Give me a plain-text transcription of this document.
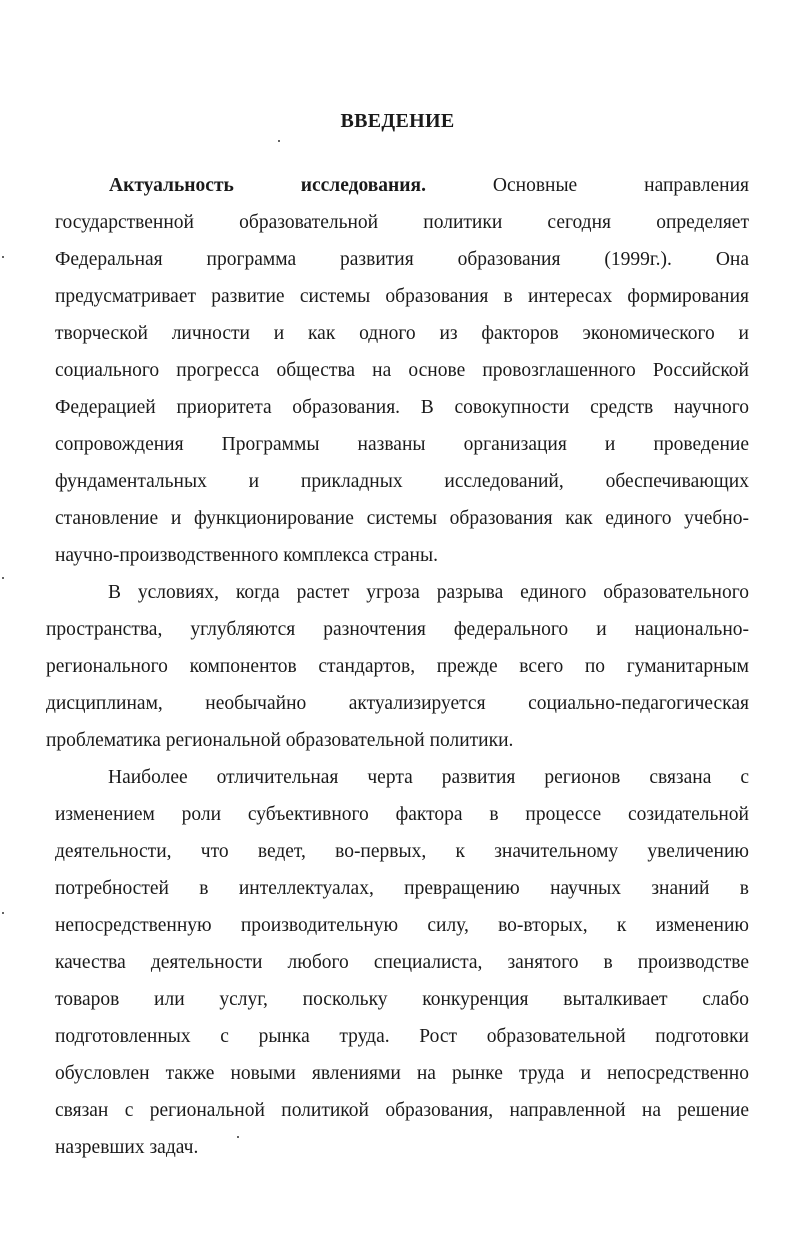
ВВЕДЕНИЕ
Актуальность исследования.	Основные направления
государственной образовательной политики сегодня определяет
Федеральная программа развития образования (1999г.). Она
предусматривает развитие системы образования в интересах формирования
творческой личности и как одного из факторов экономического и
социального прогресса общества на основе провозглашенного Российской
Федерацией приоритета образования. В совокупности средств научного
сопровождения Программы названы организация и проведение
фундаментальных и прикладных исследований, обеспечивающих
становление и функционирование системы образования как единого учебно-
научно-производственного комплекса страны.
В условиях, когда растет угроза разрыва единого образовательного
пространства, углубляются разночтения федерального и национально-
регионального компонентов стандартов, прежде всего по гуманитарным
дисциплинам, необычайно актуализируется социально-педагогическая
проблематика региональной образовательной политики.
Наиболее отличительная черта развития регионов связана с
изменением роли субъективного фактора в процессе созидательной
деятельности, что ведет, во-первых, к значительному увеличению
потребностей в интеллектуалах, превращению научных знаний в
непосредственную производительную силу, во-вторых, к изменению
качества деятельности любого специалиста, занятого в производстве
товаров или услуг, поскольку конкуренция выталкивает слабо
подготовленных с рынка труда. Рост образовательной подготовки
обусловлен также новыми явлениями на рынке труда и непосредственно
связан с региональной политикой образования, направленной на решение
назревших задач.
